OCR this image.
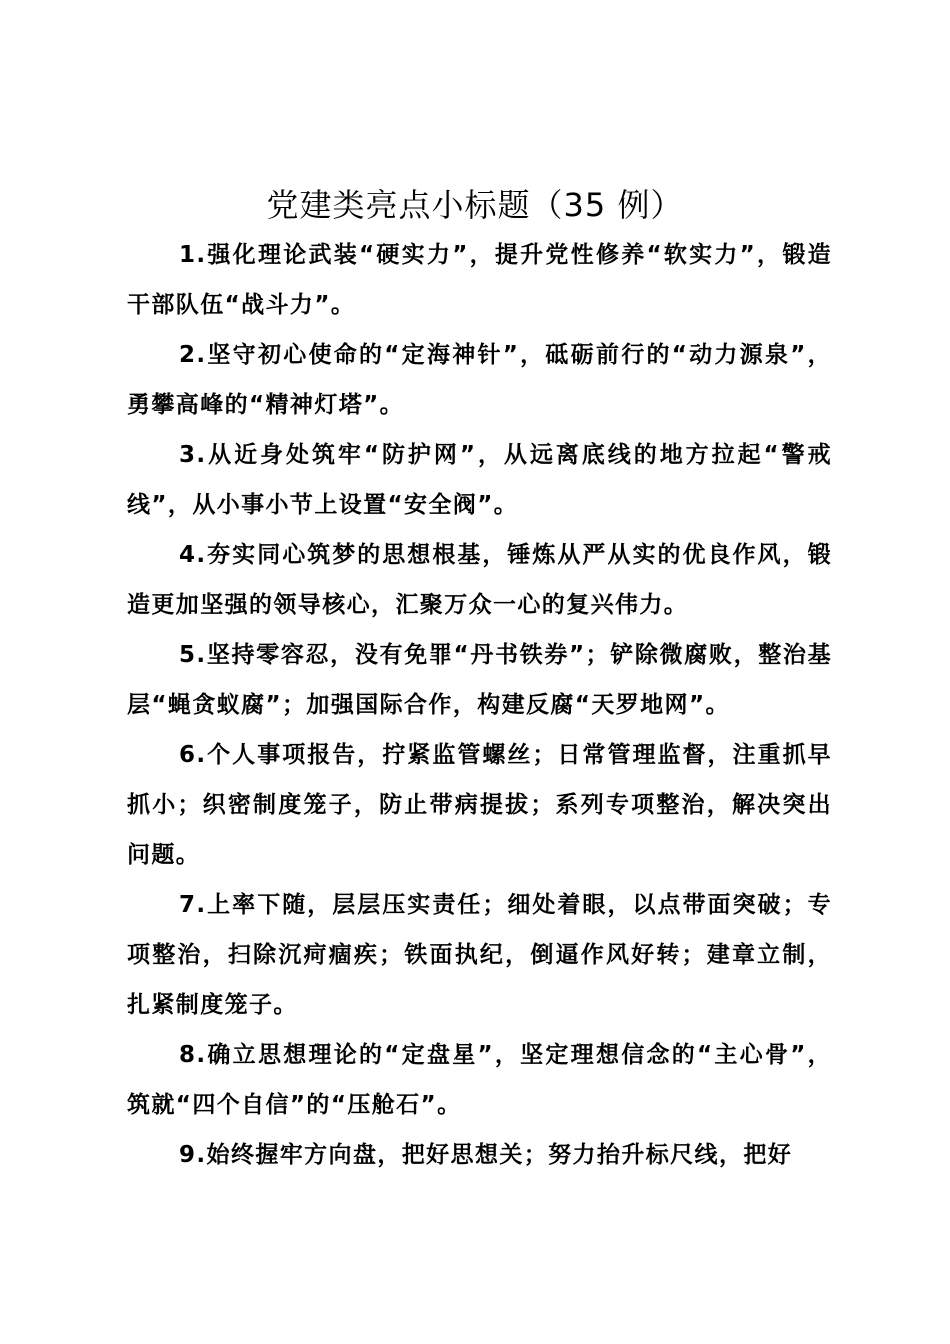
党建类亮点小标题（35 例）

1.强化理论武装“硬实力”，提升党性修养“软实力”，锻造干部队伍“战斗力”。

2.坚守初心使命的“定海神针”，砥砺前行的“动力源泉”，勇攀高峰的“精神灯塔”。

3.从近身处筑牢“防护网”，从远离底线的地方拉起“警戒线”，从小事小节上设置“安全阀”。

4.夯实同心筑梦的思想根基，锤炼从严从实的优良作风，锻造更加坚强的领导核心，汇聚万众一心的复兴伟力。

5.坚持零容忍，没有免罪“丹书铁券”；铲除微腐败，整治基层“蝇贪蚁腐”；加强国际合作，构建反腐“天罗地网”。

6.个人事项报告，拧紧监管螺丝；日常管理监督，注重抓早抓小；织密制度笼子，防止带病提拔；系列专项整治，解决突出问题。

7.上率下随，层层压实责任；细处着眼，以点带面突破；专项整治，扫除沉疴痼疾；铁面执纪，倒逼作风好转；建章立制，扎紧制度笼子。

8.确立思想理论的“定盘星”，坚定理想信念的“主心骨”，筑就“四个自信”的“压舱石”。

9.始终握牢方向盘，把好思想关；努力抬升标尺线，把好
